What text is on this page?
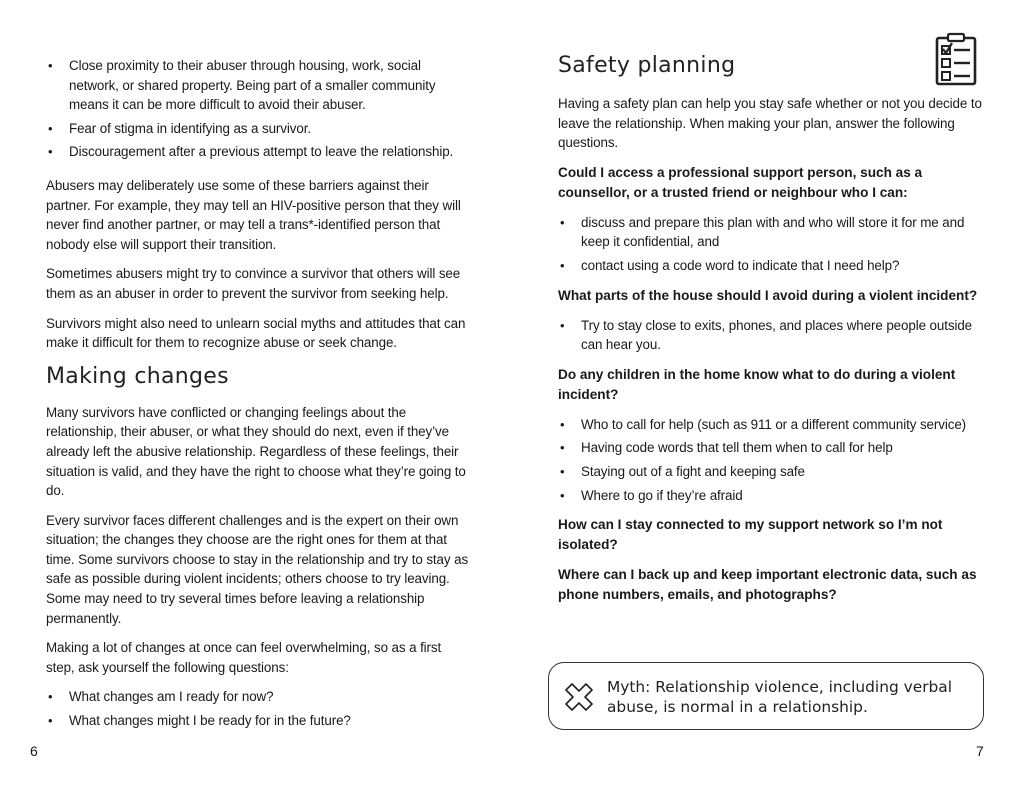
• Close proximity to their abuser through housing, work, social network, or shared property. Being part of a smaller community means it can be more difficult to avoid their abuser.
• Fear of stigma in identifying as a survivor.
• Discouragement after a previous attempt to leave the relationship.

Abusers may deliberately use some of these barriers against their partner. For example, they may tell an HIV-positive person that they will never find another partner, or may tell a trans*-identified person that nobody else will support their transition.

Sometimes abusers might try to convince a survivor that others will see them as an abuser in order to prevent the survivor from seeking help.

Survivors might also need to unlearn social myths and attitudes that can make it difficult for them to recognize abuse or seek change.

Making changes

Many survivors have conflicted or changing feelings about the relationship, their abuser, or what they should do next, even if they’ve already left the abusive relationship. Regardless of these feelings, their situation is valid, and they have the right to choose what they’re going to do.

Every survivor faces different challenges and is the expert on their own situation; the changes they choose are the right ones for them at that time. Some survivors choose to stay in the relationship and try to stay as safe as possible during violent incidents; others choose to try leaving. Some may need to try several times before leaving a relationship permanently.

Making a lot of changes at once can feel overwhelming, so as a first step, ask yourself the following questions:

• What changes am I ready for now?
• What changes might I be ready for in the future?
6
Safety planning

Having a safety plan can help you stay safe whether or not you decide to leave the relationship. When making your plan, answer the following questions.

Could I access a professional support person, such as a counsellor, or a trusted friend or neighbour who I can:

• discuss and prepare this plan with and who will store it for me and keep it confidential, and
• contact using a code word to indicate that I need help?

What parts of the house should I avoid during a violent incident?

• Try to stay close to exits, phones, and places where people outside can hear you.

Do any children in the home know what to do during a violent incident?

• Who to call for help (such as 911 or a different community service)
• Having code words that tell them when to call for help
• Staying out of a fight and keeping safe
• Where to go if they’re afraid

How can I stay connected to my support network so I’m not isolated?

Where can I back up and keep important electronic data, such as phone numbers, emails, and photographs?

Myth: Relationship violence, including verbal abuse, is normal in a relationship.
7
